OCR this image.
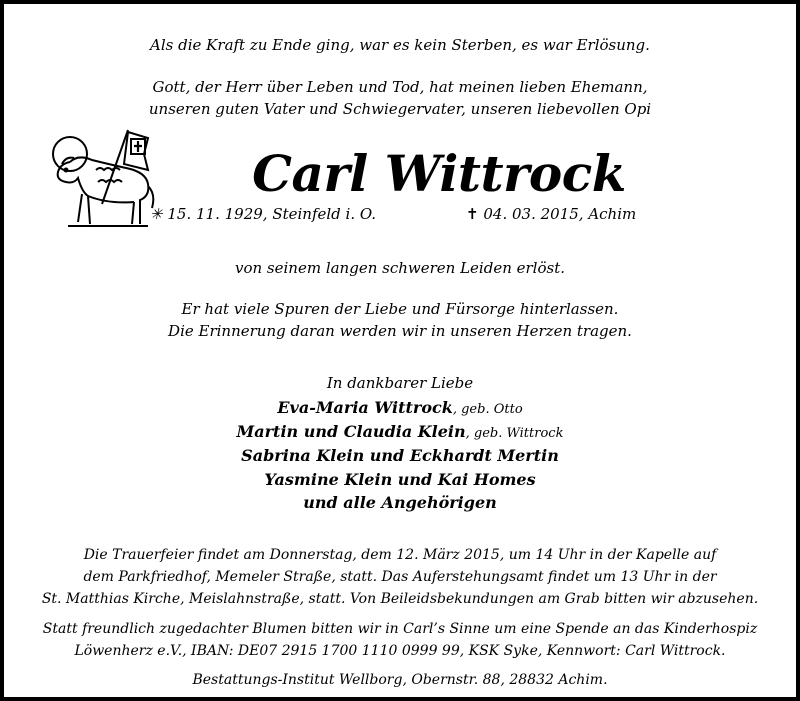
Als die Kraft zu Ende ging, war es kein Sterben, es war Erlösung.
Gott, der Herr über Leben und Tod, hat meinen lieben Ehemann,
unseren guten Vater und Schwiegervater, unseren liebevollen Opi
Carl Wittrock
✳ 15. 11. 1929, Steinfeld i. O.	✝ 04. 03. 2015, Achim
von seinem langen schweren Leiden erlöst.
Er hat viele Spuren der Liebe und Fürsorge hinterlassen.
Die Erinnerung daran werden wir in unseren Herzen tragen.
In dankbarer Liebe
Eva-Maria Wittrock, geb. Otto
Martin und Claudia Klein, geb. Wittrock
Sabrina Klein und Eckhardt Mertin
Yasmine Klein und Kai Homes
und alle Angehörigen
Die Trauerfeier findet am Donnerstag, dem 12. März 2015, um 14 Uhr in der Kapelle auf
dem Parkfriedhof, Memeler Straße, statt. Das Auferstehungsamt findet um 13 Uhr in der
St. Matthias Kirche, Meislahnstraße, statt. Von Beileidsbekundungen am Grab bitten wir abzusehen.
Statt freundlich zugedachter Blumen bitten wir in Carl’s Sinne um eine Spende an das Kinderhospiz
Löwenherz e.V., IBAN: DE07 2915 1700 1110 0999 99, KSK Syke, Kennwort: Carl Wittrock.
Bestattungs-Institut Wellborg, Obernstr. 88, 28832 Achim.
